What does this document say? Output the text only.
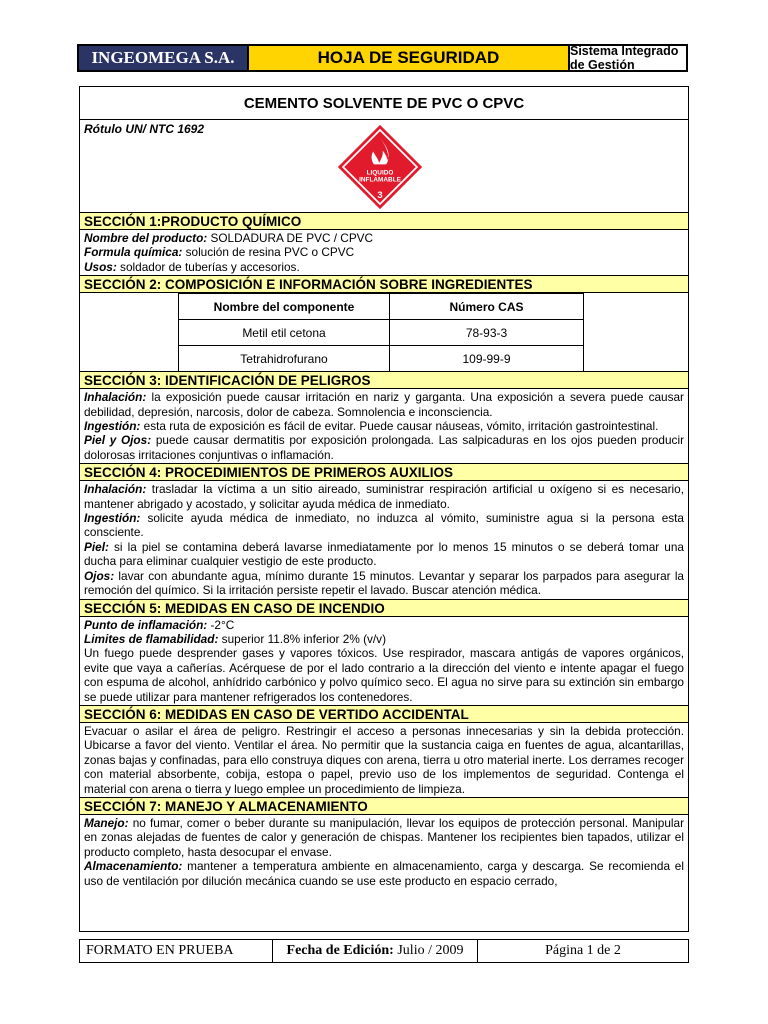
INGEOMEGA S.A.	HOJA DE SEGURIDAD	Sistema Integrado de Gestión
CEMENTO SOLVENTE DE PVC O CPVC
Rótulo UN/ NTC 1692
LIQUIDO
INFLAMABLE
3
SECCIÓN 1:PRODUCTO QUÍMICO

Nombre del producto: SOLDADURA DE PVC / CPVC

Formula química: solución de resina PVC o CPVC

Usos: soldador de tuberías y accesorios.

SECCIÓN 2: COMPOSICIÓN E INFORMACIÓN SOBRE INGREDIENTES
Nombre del componente	Número CAS
Metil etil cetona	78-93-3
Tetrahidrofurano	109-99-9
SECCIÓN 3: IDENTIFICACIÓN DE PELIGROS

Inhalación: la exposición puede causar irritación en nariz y garganta. Una exposición a severa puede causar debilidad, depresión, narcosis, dolor de cabeza. Somnolencia e inconsciencia.

Ingestión: esta ruta de exposición es fácil de evitar. Puede causar náuseas, vómito, irritación gastrointestinal.

Piel y Ojos: puede causar dermatitis por exposición prolongada. Las salpicaduras en los ojos pueden producir dolorosas irritaciones conjuntivas o inflamación.

SECCIÓN 4: PROCEDIMIENTOS DE PRIMEROS AUXILIOS

Inhalación: trasladar la víctima a un sitio aireado, suministrar respiración artificial u oxígeno si es necesario, mantener abrigado y acostado, y solicitar ayuda médica de inmediato.

Ingestión: solicite ayuda médica de inmediato, no induzca al vómito, suministre agua si la persona esta consciente.

Piel: si la piel se contamina deberá lavarse inmediatamente por lo menos 15 minutos o se deberá tomar una ducha para eliminar cualquier vestigio de este producto.

Ojos: lavar con abundante agua, mínimo durante 15 minutos. Levantar y separar los parpados para asegurar la remoción del químico. Si la irritación persiste repetir el lavado. Buscar atención médica.

SECCIÓN 5: MEDIDAS EN CASO DE INCENDIO

Punto de inflamación: -2°C

Limites de flamabilidad: superior 11.8% inferior 2% (v/v)

Un fuego puede desprender gases y vapores tóxicos. Use respirador, mascara antigás de vapores orgánicos, evite que vaya a cañerías. Acérquese de por el lado contrario a la dirección del viento e intente apagar el fuego con espuma de alcohol, anhídrido carbónico y polvo químico seco. El agua no sirve para su extinción sin embargo se puede utilizar para mantener refrigerados los contenedores.

SECCIÓN 6: MEDIDAS EN CASO DE VERTIDO ACCIDENTAL

Evacuar o asilar el área de peligro. Restringir el acceso a personas innecesarias y sin la debida protección. Ubicarse a favor del viento. Ventilar el área. No permitir que la sustancia caiga en fuentes de agua, alcantarillas, zonas bajas y confinadas, para ello construya diques con arena, tierra u otro material inerte. Los derrames recoger con material absorbente, cobija, estopa o papel, previo uso de los implementos de seguridad. Contenga el material con arena o tierra y luego emplee un procedimiento de limpieza.

SECCIÓN 7: MANEJO Y ALMACENAMIENTO

Manejo: no fumar, comer o beber durante su manipulación, llevar los equipos de protección personal. Manipular en zonas alejadas de fuentes de calor y generación de chispas. Mantener los recipientes bien tapados, utilizar el producto completo, hasta desocupar el envase.

Almacenamiento: mantener a temperatura ambiente en almacenamiento, carga y descarga. Se recomienda el uso de ventilación por dilución mecánica cuando se use este producto en espacio cerrado,

FORMATO EN PRUEBA	Fecha de Edición: Julio / 2009	Página 1 de 2
